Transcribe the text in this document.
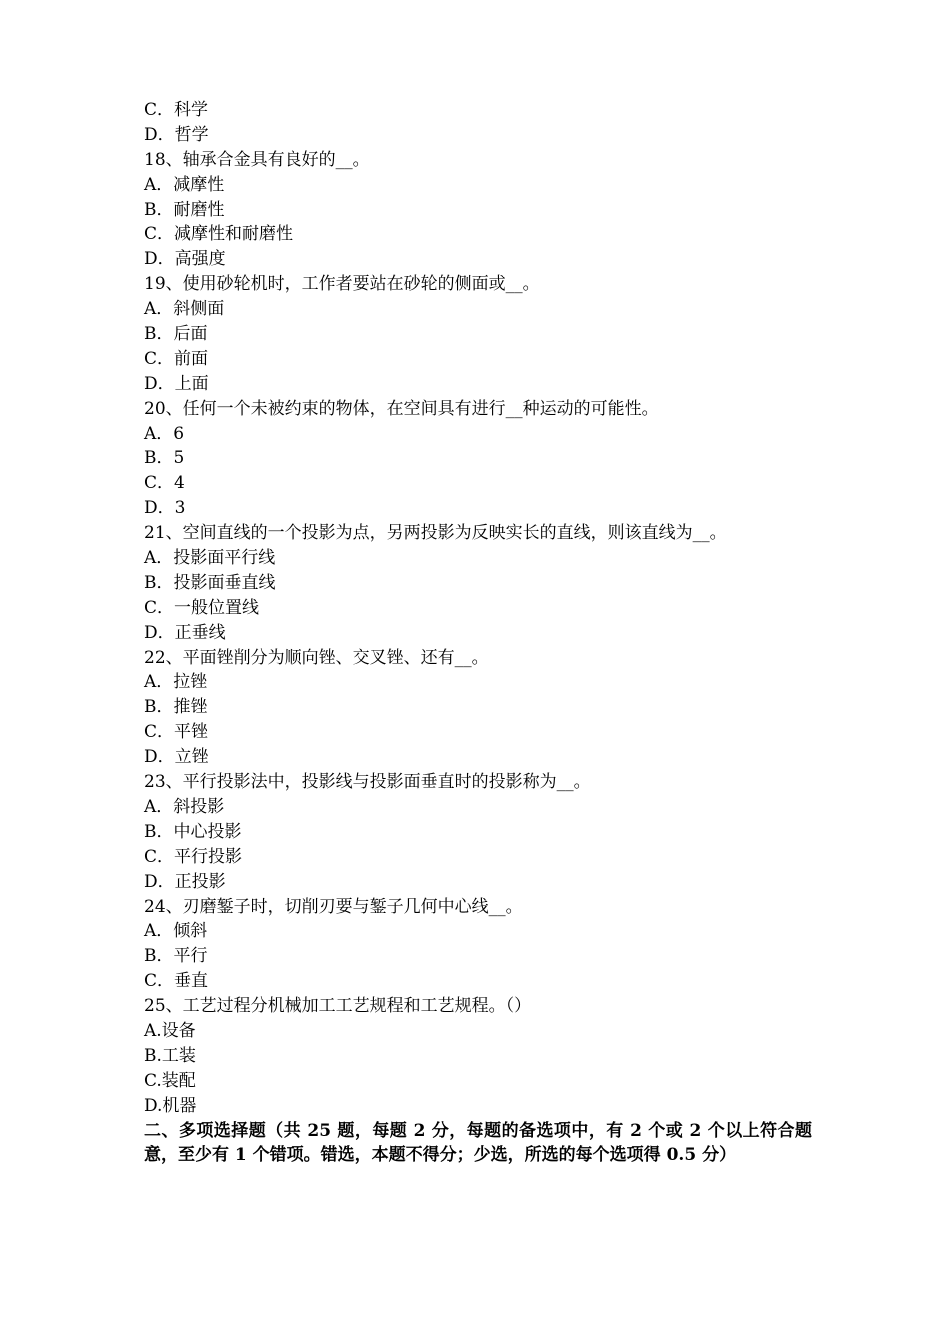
C．科学
D．哲学
18、轴承合金具有良好的__。
A．减摩性
B．耐磨性
C．减摩性和耐磨性
D．高强度
19、使用砂轮机时，工作者要站在砂轮的侧面或__。
A．斜侧面
B．后面
C．前面
D．上面
20、任何一个未被约束的物体，在空间具有进行__种运动的可能性。
A．6
B．5
C．4
D．3
21、空间直线的一个投影为点，另两投影为反映实长的直线，则该直线为__。
A．投影面平行线
B．投影面垂直线
C．一般位置线
D．正垂线
22、平面锉削分为顺向锉、交叉锉、还有__。
A．拉锉
B．推锉
C．平锉
D．立锉
23、平行投影法中，投影线与投影面垂直时的投影称为__。
A．斜投影
B．中心投影
C．平行投影
D．正投影
24、刃磨錾子时，切削刃要与錾子几何中心线__。
A．倾斜
B．平行
C．垂直
25、工艺过程分机械加工工艺规程和工艺规程。（）
A.设备
B.工装
C.装配
D.机器
二、多项选择题（共 25 题，每题 2 分，每题的备选项中，有 2 个或 2 个以上符合题意，至少有 1 个错项。错选，本题不得分；少选，所选的每个选项得 0.5 分）
